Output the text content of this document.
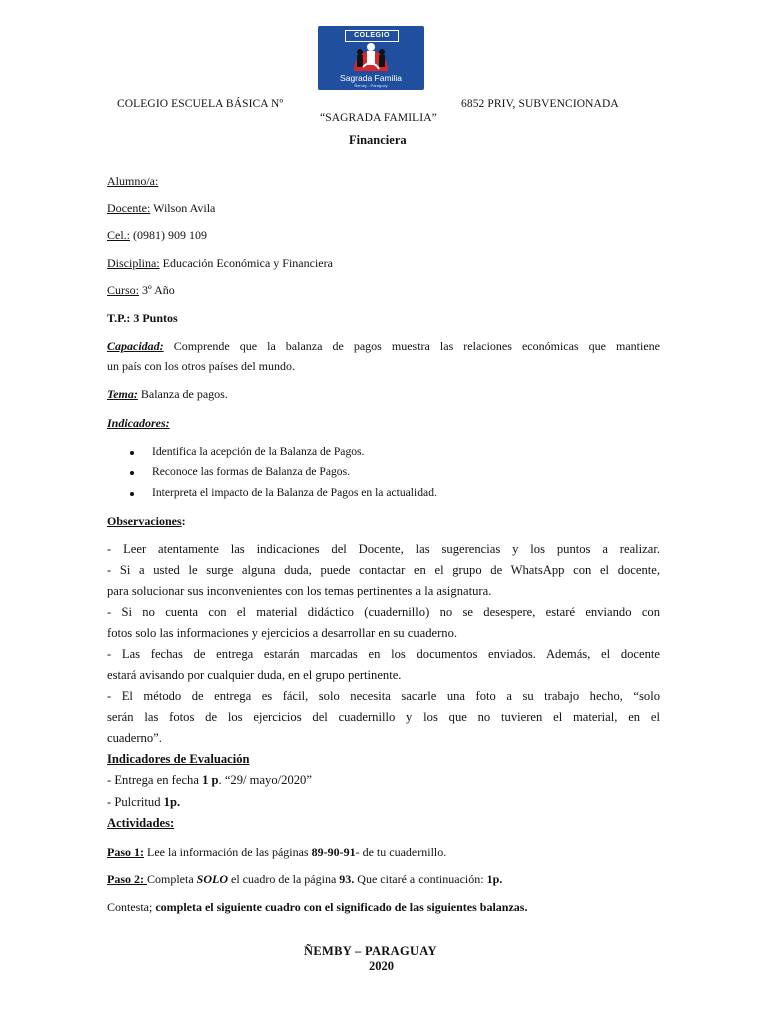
COLEGIO
Sagrada Familia
Ñemby - Paraguay
COLEGIO ESCUELA BÁSICA Nº	6852 PRIV, SUBVENCIONADA
“SAGRADA FAMILIA”
Financiera
Alumno/a:
Docente: Wilson Avila
Cel.: (0981) 909 109
Disciplina: Educación Económica y Financiera
Curso: 3º Año
T.P.: 3 Puntos
Capacidad: Comprende que la balanza de pagos muestra las relaciones económicas que mantiene
un país con los otros países del mundo.
Tema: Balanza de pagos.
Indicadores:
Identifica la acepción de la Balanza de Pagos.
Reconoce las formas de Balanza de Pagos.
Interpreta el impacto de la Balanza de Pagos en la actualidad.
Observaciones:
- Leer atentamente las indicaciones del Docente, las sugerencias y los puntos a realizar.
- Si a usted le surge alguna duda, puede contactar en el grupo de WhatsApp con el docente,
para solucionar sus inconvenientes con los temas pertinentes a la asignatura.
- Si no cuenta con el material didáctico (cuadernillo) no se desespere, estaré enviando con
fotos solo las informaciones y ejercicios a desarrollar en su cuaderno.
- Las fechas de entrega estarán marcadas en los documentos enviados. Además, el docente
estará avisando por cualquier duda, en el grupo pertinente.
- El método de entrega es fácil, solo necesita sacarle una foto a su trabajo hecho, “solo
serán las fotos de los ejercicios del cuadernillo y los que no tuvieren el material, en el
cuaderno”.
Indicadores de Evaluación
- Entrega en fecha 1 p. “29/ mayo/2020”
- Pulcritud 1p.
Actividades:
Paso 1: Lee la información de las páginas 89-90-91- de tu cuadernillo.
Paso 2: Completa SOLO el cuadro de la página 93. Que citaré a continuación: 1p.
Contesta; completa el siguiente cuadro con el significado de las siguientes balanzas.
ÑEMBY – PARAGUAY
2020
